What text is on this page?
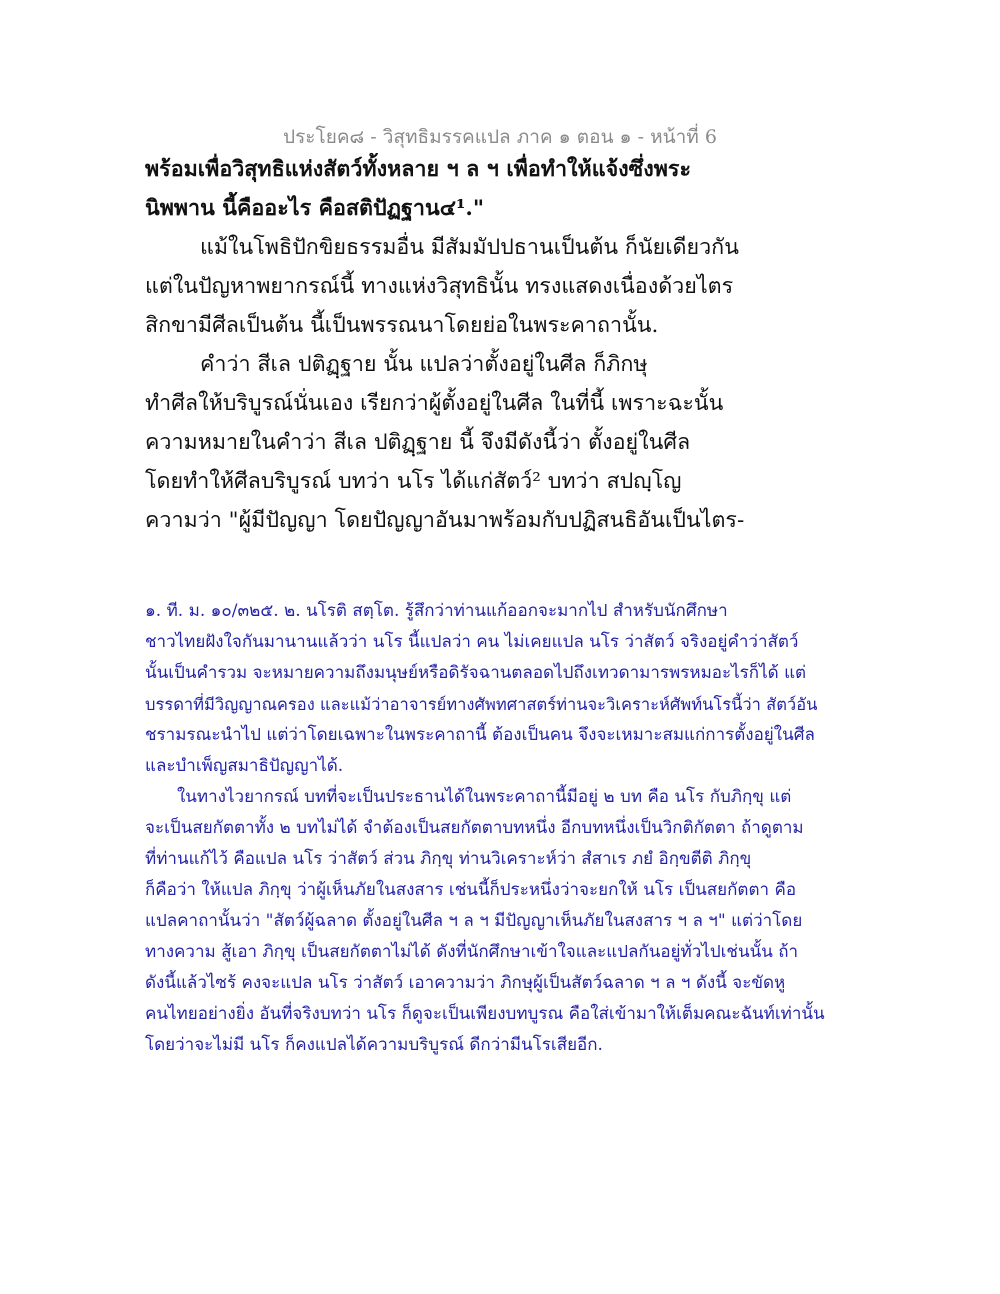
ประโยค๘ - วิสุทธิมรรคแปล ภาค ๑ ตอน ๑ - หน้าที่ 6
พร้อมเพื่อวิสุทธิแห่งสัตว์ทั้งหลาย ฯ ล ฯ เพื่อทำให้แจ้งซึ่งพระ
นิพพาน นี้คืออะไร คือสติปัฏฐาน๔¹."
แม้ในโพธิปักขิยธรรมอื่น มีสัมมัปปธานเป็นต้น ก็นัยเดียวกัน
แต่ในปัญหาพยากรณ์นี้ ทางแห่งวิสุทธินั้น ทรงแสดงเนื่องด้วยไตร
สิกขามีศีลเป็นต้น นี้เป็นพรรณนาโดยย่อในพระคาถานั้น.
คำว่า สีเล ปติฏฺฐาย นั้น แปลว่าตั้งอยู่ในศีล ก็ภิกษุ
ทำศีลให้บริบูรณ์นั่นเอง เรียกว่าผู้ตั้งอยู่ในศีล ในที่นี้ เพราะฉะนั้น
ความหมายในคำว่า สีเล ปติฏฺฐาย นี้ จึงมีดังนี้ว่า ตั้งอยู่ในศีล
โดยทำให้ศีลบริบูรณ์ บทว่า นโร ได้แก่สัตว์² บทว่า สปญฺโญ
ความว่า "ผู้มีปัญญา โดยปัญญาอันมาพร้อมกับปฏิสนธิอันเป็นไตร-
๑. ที. ม. ๑๐/๓๒๕. ๒. นโรติ สตฺโต. รู้สึกว่าท่านแก้ออกจะมากไป สำหรับนักศึกษา
ชาวไทยฝังใจกันมานานแล้วว่า นโร นี้แปลว่า คน ไม่เคยแปล นโร ว่าสัตว์ จริงอยู่คำว่าสัตว์
นั้นเป็นคำรวม จะหมายความถึงมนุษย์หรือดิรัจฉานตลอดไปถึงเทวดามารพรหมอะไรก็ได้ แต่
บรรดาที่มีวิญญาณครอง และแม้ว่าอาจารย์ทางศัพทศาสตร์ท่านจะวิเคราะห์ศัพท์นโรนี้ว่า สัตว์อัน
ชรามรณะนำไป แต่ว่าโดยเฉพาะในพระคาถานี้ ต้องเป็นคน จึงจะเหมาะสมแก่การตั้งอยู่ในศีล
และบำเพ็ญสมาธิปัญญาได้.
ในทางไวยากรณ์ บทที่จะเป็นประธานได้ในพระคาถานี้มีอยู่ ๒ บท คือ นโร กับภิกฺขุ แต่
จะเป็นสยกัตตาทั้ง ๒ บทไม่ได้ จำต้องเป็นสยกัตตาบทหนึ่ง อีกบทหนึ่งเป็นวิกติกัตตา ถ้าดูตาม
ที่ท่านแก้ไว้ คือแปล นโร ว่าสัตว์ ส่วน ภิกฺขุ ท่านวิเคราะห์ว่า สํสาเร ภยํ อิกฺขตีติ ภิกฺขุ
ก็คือว่า ให้แปล ภิกฺขุ ว่าผู้เห็นภัยในสงสาร เช่นนี้ก็ประหนึ่งว่าจะยกให้ นโร เป็นสยกัตตา คือ
แปลคาถานั้นว่า "สัตว์ผู้ฉลาด ตั้งอยู่ในศีล ฯ ล ฯ มีปัญญาเห็นภัยในสงสาร ฯ ล ฯ" แต่ว่าโดย
ทางความ สู้เอา ภิกฺขุ เป็นสยกัตตาไม่ได้ ดังที่นักศึกษาเข้าใจและแปลกันอยู่ทั่วไปเช่นนั้น ถ้า
ดังนี้แล้วไซร้ คงจะแปล นโร ว่าสัตว์ เอาความว่า ภิกษุผู้เป็นสัตว์ฉลาด ฯ ล ฯ ดังนี้ จะขัดหู
คนไทยอย่างยิ่ง อันที่จริงบทว่า นโร ก็ดูจะเป็นเพียงบทบูรณ คือใส่เข้ามาให้เต็มคณะฉันท์เท่านั้น
โดยว่าจะไม่มี นโร ก็คงแปลได้ความบริบูรณ์ ดีกว่ามีนโรเสียอีก.
